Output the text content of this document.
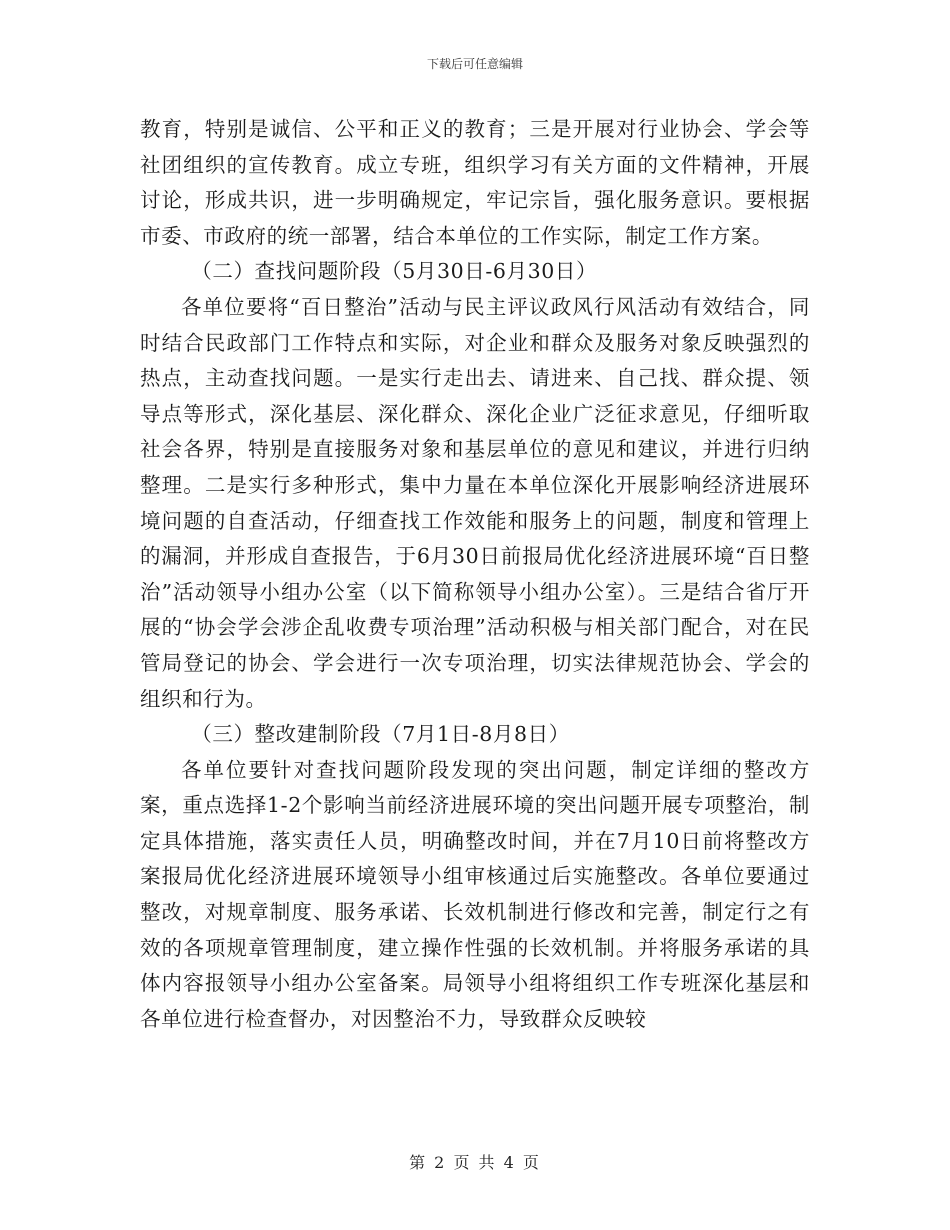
下载后可任意编辑

教育，特别是诚信、公平和正义的教育；三是开展对行业协会、学会等社团组织的宣传教育。成立专班，组织学习有关方面的文件精神，开展讨论，形成共识，进一步明确规定，牢记宗旨，强化服务意识。要根据市委、市政府的统一部署，结合本单位的工作实际，制定工作方案。

（二）查找问题阶段（5月30日-6月30日）

各单位要将“百日整治”活动与民主评议政风行风活动有效结合，同时结合民政部门工作特点和实际，对企业和群众及服务对象反映强烈的热点，主动查找问题。一是实行走出去、请进来、自己找、群众提、领导点等形式，深化基层、深化群众、深化企业广泛征求意见，仔细听取社会各界，特别是直接服务对象和基层单位的意见和建议，并进行归纳整理。二是实行多种形式，集中力量在本单位深化开展影响经济进展环境问题的自查活动，仔细查找工作效能和服务上的问题，制度和管理上的漏洞，并形成自查报告，于6月30日前报局优化经济进展环境“百日整治”活动领导小组办公室（以下简称领导小组办公室）。三是结合省厅开展的“协会学会涉企乱收费专项治理”活动积极与相关部门配合，对在民管局登记的协会、学会进行一次专项治理，切实法律规范协会、学会的组织和行为。

（三）整改建制阶段（7月1日-8月8日）

各单位要针对查找问题阶段发现的突出问题，制定详细的整改方案，重点选择1-2个影响当前经济进展环境的突出问题开展专项整治，制定具体措施，落实责任人员，明确整改时间，并在7月10日前将整改方案报局优化经济进展环境领导小组审核通过后实施整改。各单位要通过整改，对规章制度、服务承诺、长效机制进行修改和完善，制定行之有效的各项规章管理制度，建立操作性强的长效机制。并将服务承诺的具体内容报领导小组办公室备案。局领导小组将组织工作专班深化基层和各单位进行检查督办，对因整治不力，导致群众反映较

第 2 页 共 4 页
